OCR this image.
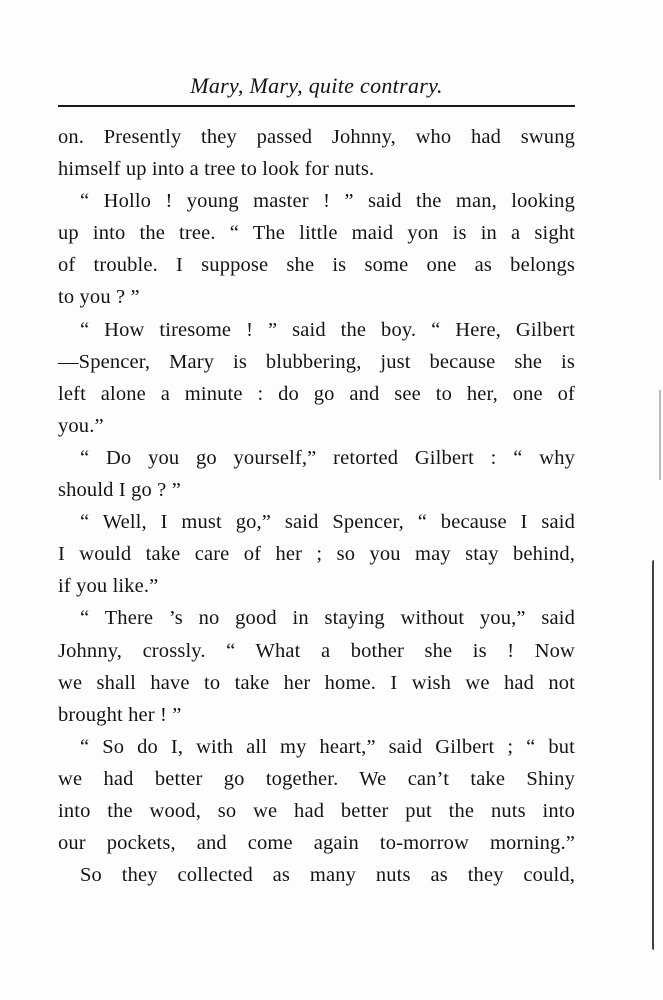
Mary, Mary, quite contrary.
on. Presently they passed Johnny, who had swung
himself up into a tree to look for nuts.
“ Hollo ! young master ! ” said the man, looking
up into the tree. “ The little maid yon is in a sight
of trouble. I suppose she is some one as belongs
to you ? ”
“ How tiresome ! ” said the boy. “ Here, Gilbert
—Spencer, Mary is blubbering, just because she is
left alone a minute : do go and see to her, one of
you.”
“ Do you go yourself,” retorted Gilbert : “ why
should I go ? ”
“ Well, I must go,” said Spencer, “ because I said
I would take care of her ; so you may stay behind,
if you like.”
“ There ’s no good in staying without you,” said
Johnny, crossly. “ What a bother she is ! Now
we shall have to take her home. I wish we had not
brought her ! ”
“ So do I, with all my heart,” said Gilbert ; “ but
we had better go together. We can’t take Shiny
into the wood, so we had better put the nuts into
our pockets, and come again to-morrow morning.”
So they collected as many nuts as they could,
